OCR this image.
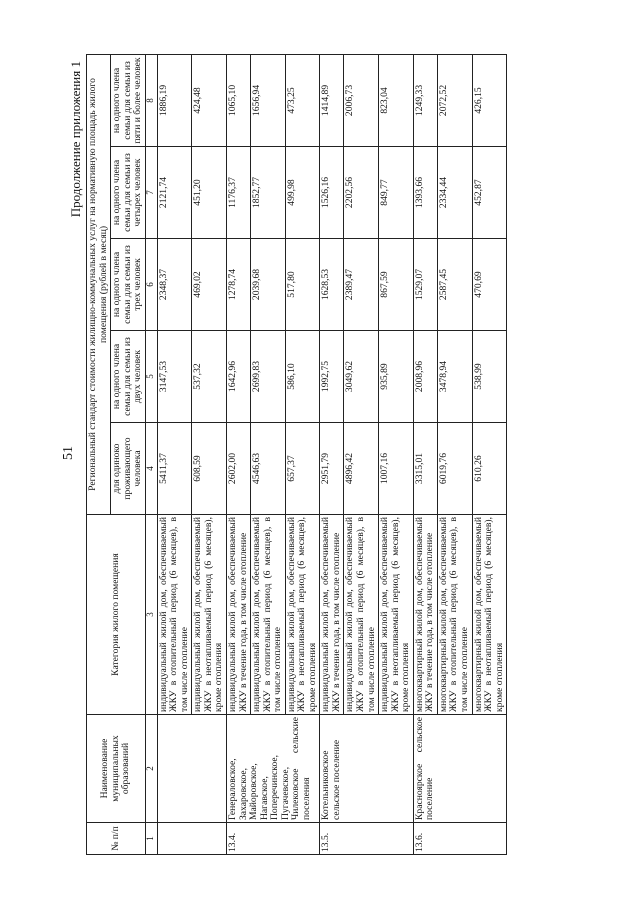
51
Продолжение приложения 1
№ п/п	Наименование муниципальных образований	Категория жилого помещения	Региональный стандарт стоимости жилищно-коммунальных услуг на нормативную площадь жилого помещения (рублей в месяц)				
			для одиноко проживающего человека	на одного члена семьи для семьи из двух человек	на одного члена семьи для семьи из трех человек	на одного члена семьи для семьи из четырех человек	на одного члена семьи для семьи из пяти и более человек
1	2	3	4	5	6	7	8
		индивидуальный жилой дом, обеспечиваемый ЖКУ в отопительный период (6 месяцев), в том числе отопление	5411,37	3147,53	2348,37	2121,74	1886,19
		индивидуальный жилой дом, обеспечиваемый ЖКУ в неотапливаемый период (6 месяцев), кроме отопления	608,59	537,32	469,02	451,20	424,48
13.4.	Генераловское, Захаровское, Майоровское, Нагавское, Поперечинское, Пугачевское, Чилековское сельские поселения	индивидуальный жилой дом, обеспечиваемый ЖКУ в течение года, в том числе отопление	2602,00	1642,96	1278,74	1176,37	1065,10
		индивидуальный жилой дом, обеспечиваемый ЖКУ в отопительный период (6 месяцев), в том числе отопление	4546,63	2699,83	2039,68	1852,77	1656,94
		индивидуальный жилой дом, обеспечиваемый ЖКУ в неотапливаемый период (6 месяцев), кроме отопления	657,37	586,10	517,80	499,98	473,25
13.5.	Котельниковское сельское поселение	индивидуальный жилой дом, обеспечиваемый ЖКУ в течение года, в том числе отопление	2951,79	1992,75	1628,53	1526,16	1414,89
		индивидуальный жилой дом, обеспечиваемый ЖКУ в отопительный период (6 месяцев), в том числе отопление	4896,42	3049,62	2389,47	2202,56	2006,73
		индивидуальный жилой дом, обеспечиваемый ЖКУ в неотапливаемый период (6 месяцев), кроме отопления	1007,16	935,89	867,59	849,77	823,04
13.6.	Красноярское сельское поселение	многоквартирный жилой дом, обеспечиваемый ЖКУ в течение года, в том числе отопление	3315,01	2008,96	1529,07	1393,66	1249,33
		многоквартирный жилой дом, обеспечиваемый ЖКУ в отопительный период (6 месяцев), в том числе отопление	6019,76	3478,94	2587,45	2334,44	2072,52
		многоквартирный жилой дом, обеспечиваемый ЖКУ в неотапливаемый период (6 месяцев), кроме отопления	610,26	538,99	470,69	452,87	426,15
